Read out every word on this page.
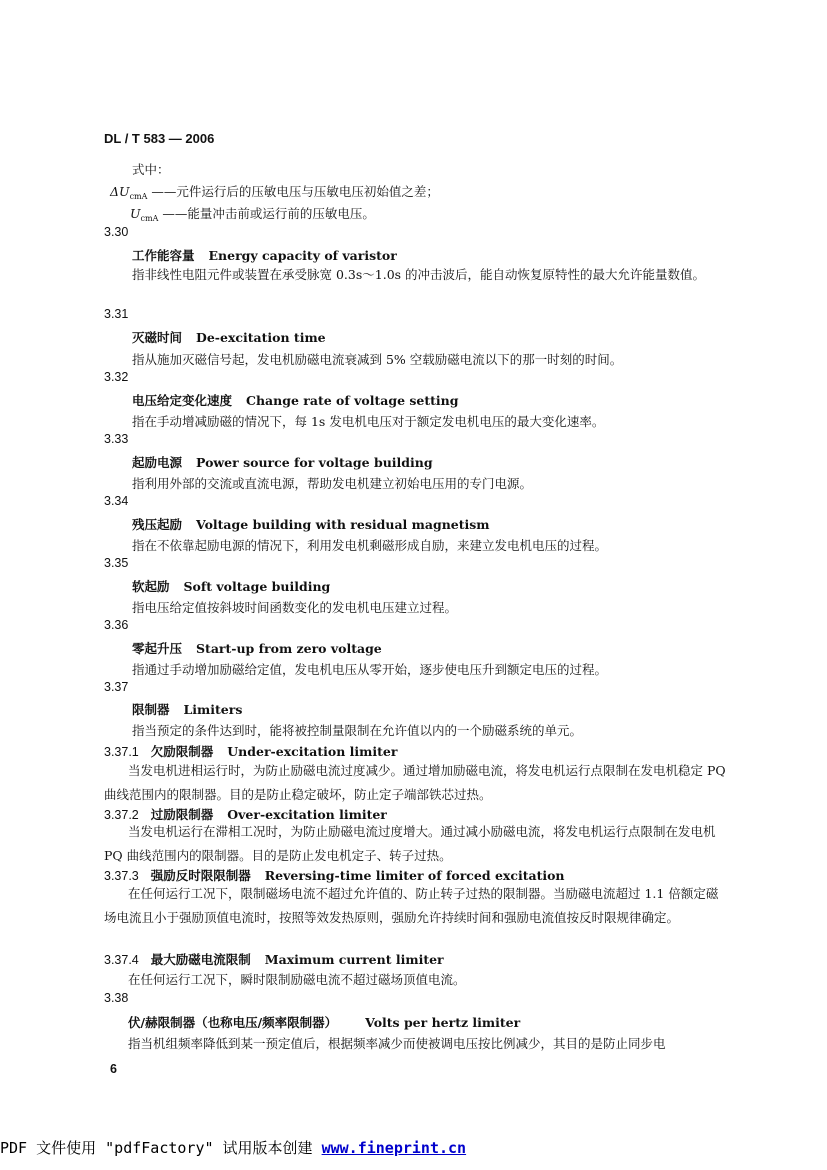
DL / T 583 — 2006
式中：
$\Delta U_{cmA}$ ——元件运行后的压敏电压与压敏电压初始值之差；
$U_{cmA}$ ——能量冲击前或运行前的压敏电压。
3.30
工作能容量 Energy capacity of varistor
指非线性电阻元件或装置在承受脉宽 0.3s～1.0s 的冲击波后，能自动恢复原特性的最大允许能量数值。
3.31
灭磁时间 De-excitation time
指从施加灭磁信号起，发电机励磁电流衰减到 5% 空载励磁电流以下的那一时刻的时间。
3.32
电压给定变化速度 Change rate of voltage setting
指在手动增减励磁的情况下，每 1s 发电机电压对于额定发电机电压的最大变化速率。
3.33
起励电源 Power source for voltage building
指利用外部的交流或直流电源，帮助发电机建立初始电压用的专门电源。
3.34
残压起励 Voltage building with residual magnetism
指在不依靠起励电源的情况下，利用发电机剩磁形成自励，来建立发电机电压的过程。
3.35
软起励 Soft voltage building
指电压给定值按斜坡时间函数变化的发电机电压建立过程。
3.36
零起升压 Start-up from zero voltage
指通过手动增加励磁给定值，发电机电压从零开始，逐步使电压升到额定电压的过程。
3.37
限制器 Limiters
指当预定的条件达到时，能将被控制量限制在允许值以内的一个励磁系统的单元。
3.37.1 欠励限制器 Under-excitation limiter
当发电机进相运行时，为防止励磁电流过度减少。通过增加励磁电流，将发电机运行点限制在发电机稳定 PQ 曲线范围内的限制器。目的是防止稳定破坏，防止定子端部铁芯过热。
3.37.2 过励限制器 Over-excitation limiter
当发电机运行在滞相工况时，为防止励磁电流过度增大。通过减小励磁电流，将发电机运行点限制在发电机 PQ 曲线范围内的限制器。目的是防止发电机定子、转子过热。
3.37.3 强励反时限限制器 Reversing-time limiter of forced excitation
在任何运行工况下，限制磁场电流不超过允许值的、防止转子过热的限制器。当励磁电流超过 1.1 倍额定磁场电流且小于强励顶值电流时，按照等效发热原则，强励允许持续时间和强励电流值按反时限规律确定。
3.37.4 最大励磁电流限制 Maximum current limiter
在任何运行工况下，瞬时限制励磁电流不超过磁场顶值电流。
3.38
伏/赫限制器（也称电压/频率限制器） Volts per hertz limiter
指当机组频率降低到某一预定值后，根据频率减少而使被调电压按比例减少，其目的是防止同步电
6
PDF 文件使用 "pdfFactory" 试用版本创建 www.fineprint.cn
